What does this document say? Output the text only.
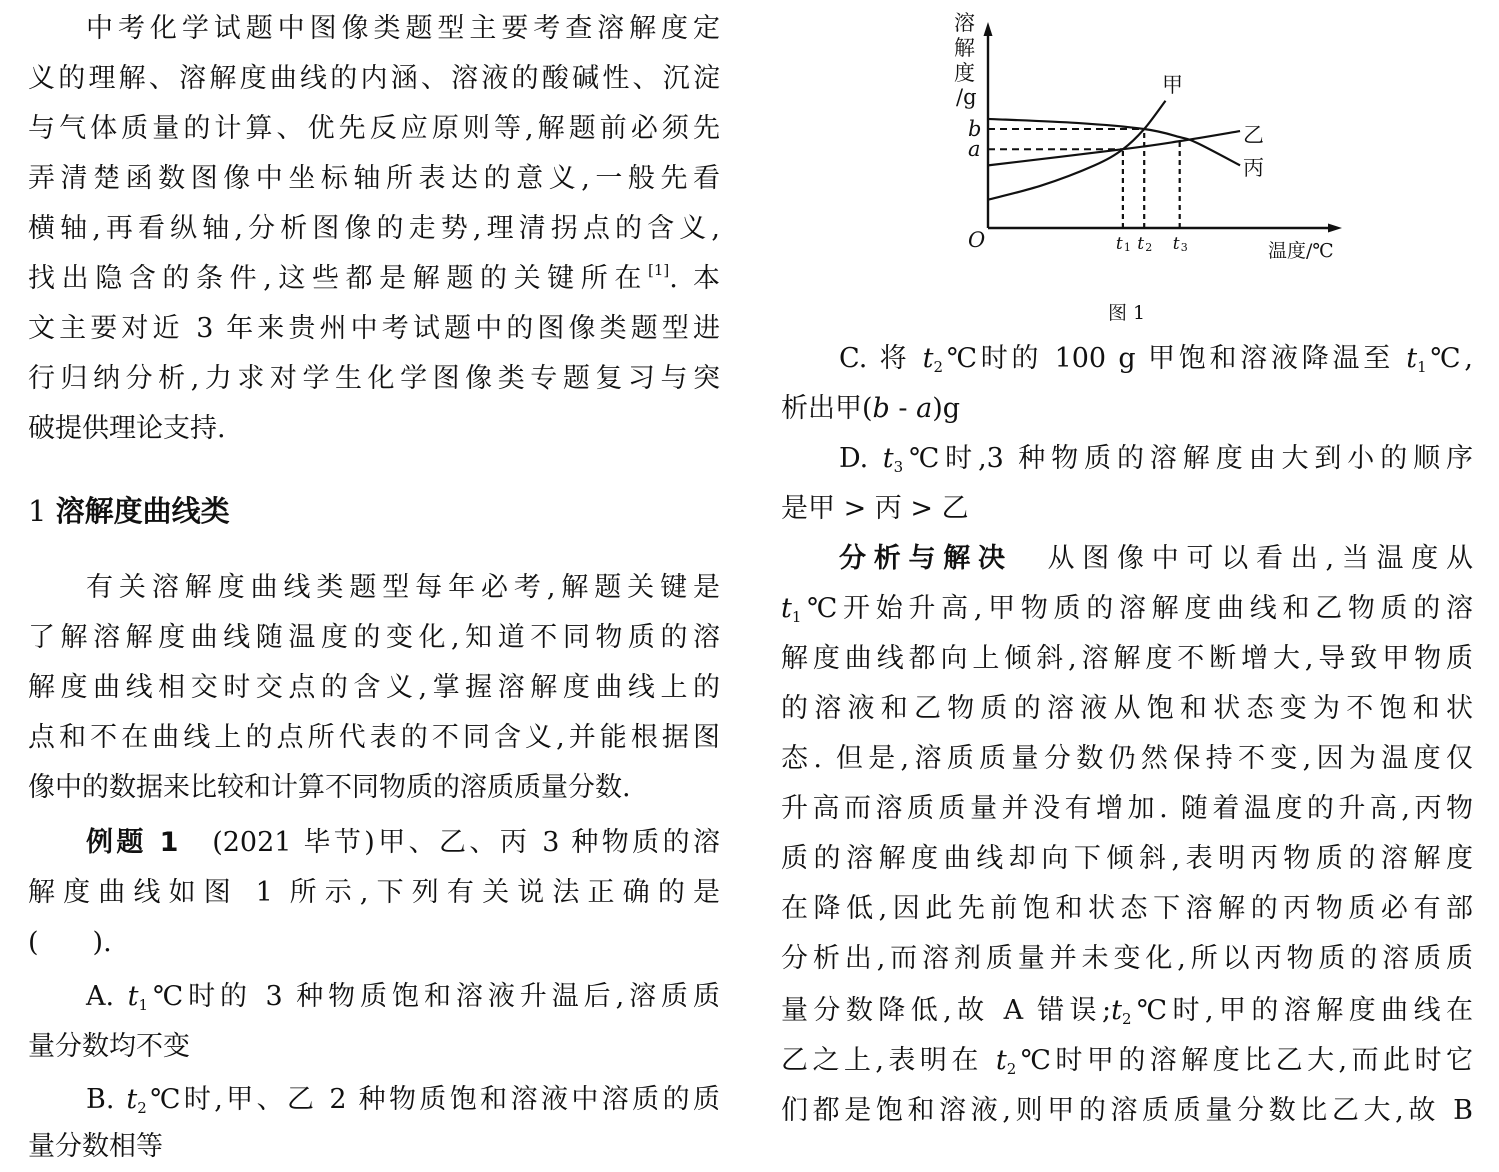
中考化学试题中图像类题型主要考查溶解度定
义的理解、溶解度曲线的内涵、溶液的酸碱性、沉淀
与气体质量的计算、优先反应原则等,解题前必须先
弄清楚函数图像中坐标轴所表达的意义,一般先看
横轴,再看纵轴,分析图像的走势,理清拐点的含义,
找出隐含的条件,这些都是解题的关键所在[1]. 本
文主要对近 3 年来贵州中考试题中的图像类题型进
行归纳分析,力求对学生化学图像类专题复习与突
破提供理论支持.
1 溶解度曲线类
有关溶解度曲线类题型每年必考,解题关键是
了解溶解度曲线随温度的变化,知道不同物质的溶
解度曲线相交时交点的含义,掌握溶解度曲线上的
点和不在曲线上的点所代表的不同含义,并能根据图
像中的数据来比较和计算不同物质的溶质质量分数.
例题 1　 (2021 毕节)甲、乙、丙 3 种物质的溶
解度曲线如图 1 所示,下列有关说法正确的是
(　　).
A. $t_1℃$时的 3 种物质饱和溶液升温后,溶质质
量分数均不变
B. $t_2℃$时,甲、乙 2 种物质饱和溶液中溶质的质
量分数相等
溶
解
度
/g
O	温度/℃
b
a
t 1 t 2 t 3
甲
乙
丙
图 1
C. 将 $t_2℃$时的 100 g 甲饱和溶液降温至 $t_1℃$,
析出甲(b - a)g
D. $t_3℃$时,3 种物质的溶解度由大到小的顺序
是甲 > 丙 > 乙
分析与解决　 从图像中可以看出,当温度从
$t_1℃$开始升高,甲物质的溶解度曲线和乙物质的溶
解度曲线都向上倾斜,溶解度不断增大,导致甲物质
的溶液和乙物质的溶液从饱和状态变为不饱和状
态. 但是,溶质质量分数仍然保持不变,因为温度仅
升高而溶质质量并没有增加. 随着温度的升高,丙物
质的溶解度曲线却向下倾斜,表明丙物质的溶解度
在降低,因此先前饱和状态下溶解的丙物质必有部
分析出,而溶剂质量并未变化,所以丙物质的溶质质
量分数降低,故 A 错误$;t_2℃$时,甲的溶解度曲线在
乙之上,表明在 $t_2℃$时甲的溶解度比乙大,而此时它
们都是饱和溶液,则甲的溶质质量分数比乙大,故 B
